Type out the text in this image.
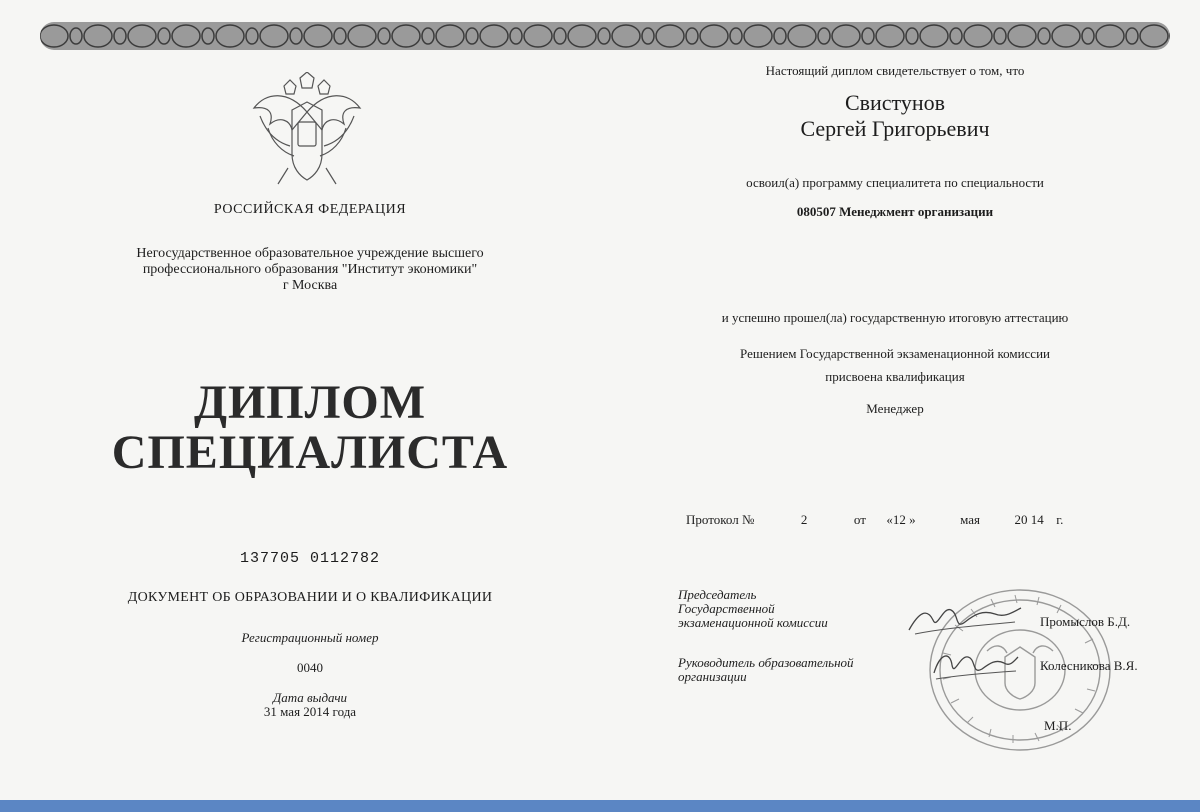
РОССИЙСКАЯ ФЕДЕРАЦИЯ
Негосударственное образовательное учреждение высшего
профессионального образования "Институт экономики"
г Москва
ДИПЛОМ
СПЕЦИАЛИСТА
137705 0112782
ДОКУМЕНТ ОБ ОБРАЗОВАНИИ И О КВАЛИФИКАЦИИ
Регистрационный номер
0040
Дата выдачи
31 мая 2014 года
Настоящий диплом свидетельствует о том, что
Свистунов
Сергей Григорьевич
освоил(а) программу специалитета по специальности
080507 Менеджмент организации
и успешно прошел(ла) государственную итоговую аттестацию
Решением Государственной экзаменационной комиссии
присвоена квалификация
Менеджер
Протокол №	2	от «12 »	мая	20 14 г.
Председатель
Государственной
экзаменационной комиссии	Промыслов Б.Д.
Руководитель образовательной
организации
Колесникова В.Я.
М.П.
